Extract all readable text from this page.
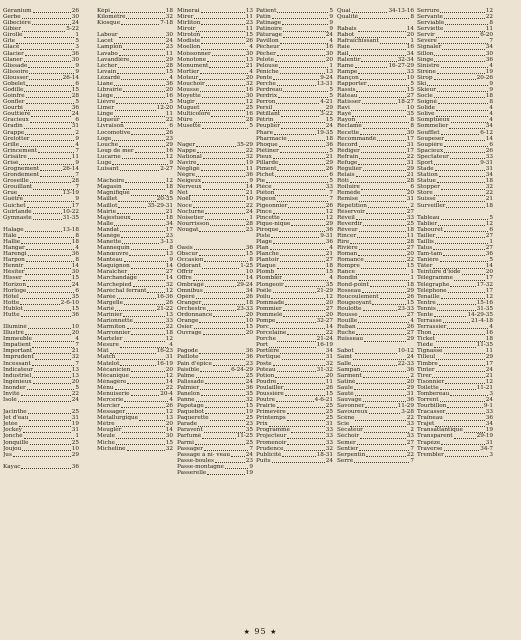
Géranium	26
Gerbe	30
Gibecière	24
Gibier	5-22
Girolle	1
Gîte	5
Glacé	3
Glacier	36
Glaner	30
Glissade	9
Glissoire	9
Glousser	26-14
Gobelet	6
Godille	15
Goinfre	28
Gonfler	5
Gourbi	36
Gouttière	24
Gracieux	6
Gradin	31
Grappe	2
Grelotter	9
Grille	4
Grincement	7
Grisâtre	11
Grisé	9
Grognement	26-14
Grondement	7
Groseille	28
Grouillant	7
Grue	13-19
Guêtre	9
Guichet	17
Guirlande	10-22
Gymnaste	31-35
Halage	13-18
Hâlé	8
Hallie	18
Hangar	4
Harengi	36
Harpon	8
Hennir	14
Hésiter	30
Hisser	15
Horizon	24
Horloge	6
Hôtel	35
Hotte	2-6-10
Hublot	15
Hutte	36
Illuminé	10
Illustré	20
Immeuble	4
Impatient	7
Important	21
Imprudent	32
Incessant	7
Indicateur	13
Industriel	13
Ingénieux	20
Inonder	5
Invité	22
Isolé	24
Jacinthe	25
Jet d'eau	31
Jetée	19
Jockey	31
Jonché	1
Jonquille	25
Joujou	10
Jus	29
Kayac	36
Képi	18
Kilomètre	32
Kiosque	7-18
Labour	30
Lacet	24
Lampion	23
Lavabo	11
Lavandière	29
Lécher	28
Levain	15
Lézardé	4
Liane	36
Librairie	20
Liège	16
Lièvre	5
Limer	12-20
Linge	11
Liqueur	22
Livraison	6
Locomotive	26
Loge	23
Louche	29
Loup de mer	16
Lucarne	12
Luge	9
Luisant	2-27
Mâchoire	12
Magasin	18
Magnifique	8
Maillet	20-35
Maillot	35-29-31
Mairie	21
Majestueux	18
Malle	34
Mandat	17
Manège	23
Manette	3-13
Mannequin	8
Manœuvre	13
Manteau	9
Maquignon	14
Maraîcher	27
Marchandage	14
Marchepied	32
Maréchal ferrant	12
Marée	16-36
Margelle	26
Marié	21-22
Marinier	13
Marionnette	33
Marmiton	22
Marronnier	18
Marteler	12
Mesure	4
Mât	16-23
Match	31
Matelot	16-19
Mécanicien	20
Mécanique	12
Ménagère	14
Ménu	22
Menuiserie	20-4
Mercerie	4
Mercier	26
Messager	12
Métallurgique	13
Mètre	20
Meugler	14
Meule	30
Miche	15
Micheline	32
Minerai	13
Mirer	11
Mirliton	23
Miroir	11
Miroton	15
Modiste	26
Moellon	4
Moissonner	30
Monotone	13
Monument	21
Mortier	4
Moteur	20
Mouchoir	32
Mousse	16
Moyette	30
Mugir	12
Muguet	25
Multicolore	16
Mûre	28
Musette	5
Nager	35-29
Nappe	22
National	32
Navire	19
Négligé	11
Nègre	36
Neigeux	9
Nerveux	14
Net	21
Noël	10
Noce	22
Nocturne	24
Noisetier	1
Nourrisson	28
Nougat	23
Oasis	36
Obscur	15
Occasion	8
Odorant	1-25
Offrir	10
Offre	14
Ombragé	29-24
Omnibus	34
Opéré	26
Oranger	18
Orchestre	23-33
Ordonnance	20
Orange	10
Osier	15
Ouvrage	20
Pagode	36
Paillote	36
Pain d'épice	23
Paisible	6-24-29
Palme	25
Palissade	24
Palmier	36
Panelon	35
Panne	32
Papotage	15
Paquebot	19
Paquerette	25
Parade	23
Paravent	35
Parfumé	11-25
Parmi	25
Passager	7
Passage à ni- veau	24
Passe-boules	23
Passe-montagne	9
Passerelle	19
Patient	5
Patin	9
Patinage	9
Patinoire	9
Pâturage	24
Pavillon	4
Pêcheur	16
Pêcher	30
Pelote	20
Pelouse	1
Péniche	13
Pente	9-24
Perche	13-31
Perdreau	5
Perdrix	5
Perron	4-21
Persil	29
Pétillant	3-22
Pétrin	15
Peuplier	24
Phare	19-35
Pharmacie	18
Phoque	36
Piétiner	5
Pieux	21
Pillarde	29
Piment	26
Pichet	6
Pie	5
Pièce	33
Piéton	7
Pigeon	7
Pigeonnier	26
Pince	12
Pincette	12
Pique-nique	29
Piroque	36
Piste	9-31
Plage	36
Plan	4
Planche	21
Plantoir	27
Plaque	18
Plomb	15
Plombier	4
Plongeoir	35
Poêle	21-29
Poilu	12
Pommade	20
Pommier	27
Pommelé	20
Pompe	32-27
Porc	14
Porcelaine	22
Porche	21-24
Port	16-19
Portière	34
Portique	31
Poste	32
Poteau	31-32
Potion	20
Poudre	11
Poulailler	26
Poussière	15
Poutre	4-6-21
Prairie	25
Primevère	25
Printemps	25
Prix	31
Programme	33
Projecteur	33
Promenoir	33
Prudence	32
Publicité	18-31
Puits	24
Quai	34-13-16
Qualité	8
Rabais	14
Rabot	20
Rafraîchissant	1
Raie	16
Rail	34
Ralentir	32-34
Rame	16-27-29
Rampe	33
Rançon	10
Rapporter	5
Rassis	15
Râteau	27
Ratisser	18-27
Ravi	10
Rayé	35
Rayon	8
Réclame	8
Recette	30
Recommandé	17
Récord	31
Rédiger	17
Refrain	22
Refuge	31
Régulier	29
Relais	21
Rôti	28
Roiluire	6
Remède	20
Remise	31
Répétition	2
Réservoir	27
Réveil	33
Reverdir	25
Rêveur	18
Rincer	11
Rire	28
Rivière	27
Roman	20
Romance	22
Rompre	15
Rance	1
Rondin	1
Rond-point	18
Rosseau	29
Roucoulement	26
Rougeoyant	15
Roulotte	23-33
Rousse	27
Rouille	4
Ruban	26
Ruche	27
Ruisseau	29
Sabot	10-12
Saint	24
Salle	22-33
Sampan	36
Sarment	2
Satiné	20
Saule	29
Sauté	31
Sauvage	36
Savonner	11-29
Savoureux	3-28
Scène	22
Scie	33
Sécateur	2
Séchoir	33
Semer	27
Sentier	7
Serpentin	22
Serré	7
Serrure	12
Servante	22
Serviable	8
Serviette	11
Servir	6-20
Sévère	7
Signaler	34
Sillon	30
Singe	36
Sinistre	4
Sirène	19
Sirop	20-26
Ski	9
Skieur	9
Socle	18
Soigné	8
Solide	4
Solive	4
Somptueux	4
Sommelier	34
Soufflet	6-12
Soupeser	14
Soupière	6
Spacieux	26
Spectateur	33
Sport	9-31
Stade	31
Station	34
Statue	18
Stopper	32
Store	22
Suisse	21
Surveiller	18
Tableau	5
Tablier	12
Tabouret	6
Tailler	27
Taillis	1
Talus	27
Tam-tam	36
Tanière	5
Tâter	14
Teinture d'iode	20
Télégramme	17
Télégraphe	17-32
Téléphone	17
Tenaille	12
Tentre	15-16
Tennis	31-35
Tente	14-29-35
Terrasse	21-4-18
Terrassier	4
Thon	16
Ticket	18
Tiède	11-35
Tignasse	11
Tilleul	29
Timbre	17
Tinter	24
Tirer	21
Tisonnier	12
Toilette	11-21
Tombereau	3
Torrent	24
Tourbillon	9-1
Tracasser	33
Traîneau	36
Trajet	34
Transatlantique	19
Transparent	29-19
Trapèze	31
Traverse	34-7
Trembler	3
★ 95 ★
